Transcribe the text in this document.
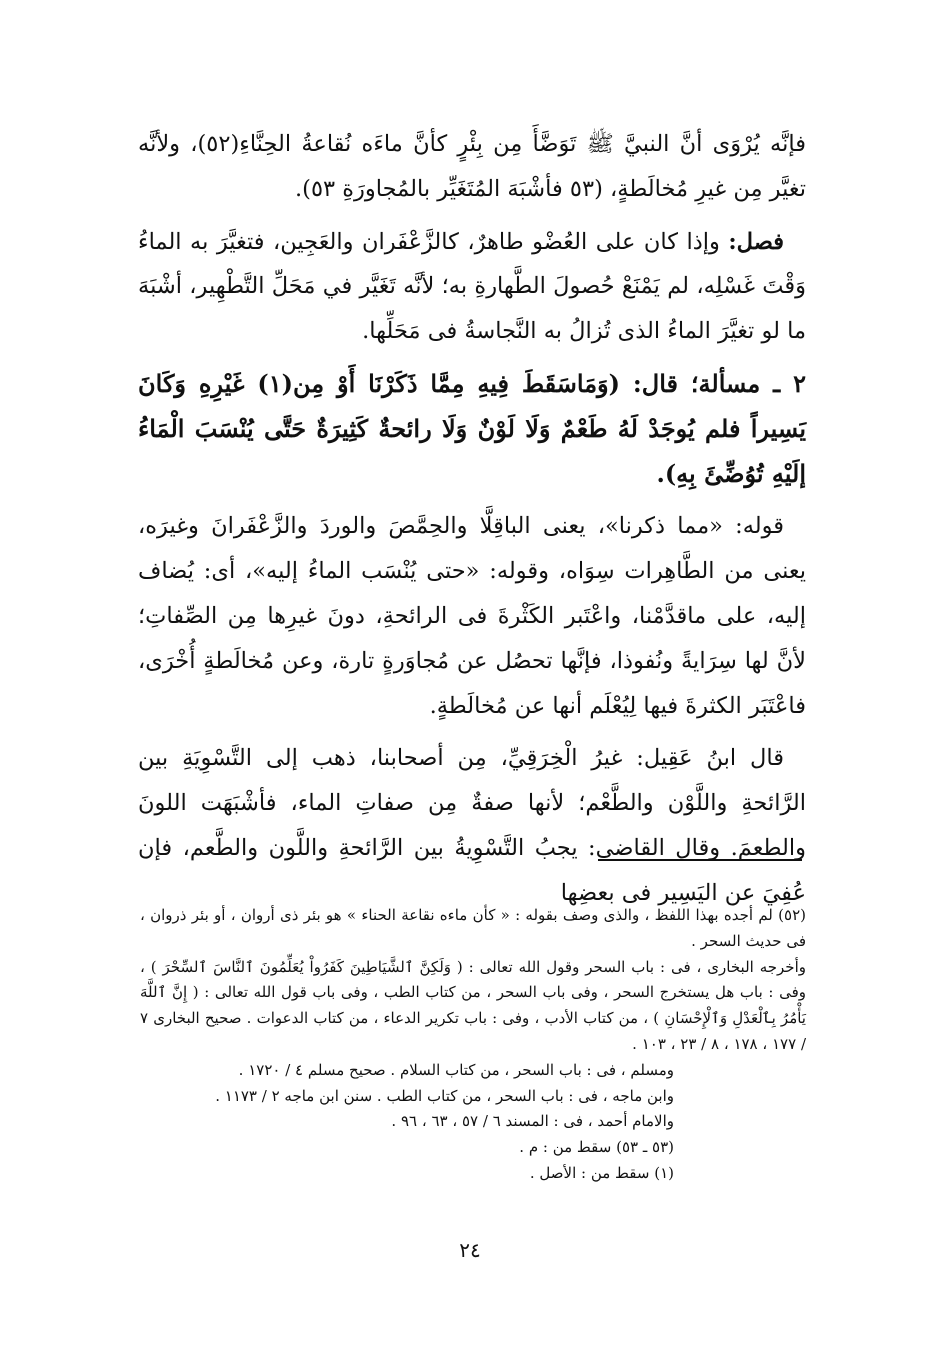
فإنَّه يُرْوَى أنَّ النبيَّ ﷺ تَوَضَّأَ مِن بِئْرٍ كأنَّ ماءَه نُقاعةُ الحِنَّاءِ(٥٢)، ولأنَّه تغيَّر مِن غيرِ مُخالَطةٍ، (٥٣ فأشْبَهَ المُتَغَيِّر بالمُجاورَةِ ٥٣).

فصل: وإذا كان على العُضْو طاهرٌ، كالزَّعْفَران والعَجِين، فتغيَّرَ به الماءُ وَقْتَ غَسْلِه، لم يَمْنَعْ حُصولَ الطَّهارةِ به؛ لأنَّه تَغَيَّر في مَحَلِّ التَّطْهِير، أشْبَهَ ما لو تغيَّرَ الماءُ الذى تُزالُ به النَّجاسةُ فى مَحَلِّها.

٢ ـ مسألة؛ قال: (وَمَاسَقَطَ فِيهِ مِمَّا ذَكَرْنَا أَوْ مِن(١) غَيْرِهِ وَكَانَ يَسِيراً فلم يُوجَدْ لَهُ طَعْمٌ وَلَا لَوْنٌ وَلَا رائحةٌ كَثِيرَةٌ حَتَّى يُنْسَبَ الْمَاءُ إلَيْهِ تُوُضِّئَ بِهِ).

قوله: «مما ذكرنا»، يعنى الباقِلَّا والحِمَّصَ والوردَ والزَّعْفَرانَ وغيرَه، يعنى من الطَّاهِرات سِوَاه، وقوله: «حتى يُنْسَب الماءُ إليه»، أى: يُضاف إليه، على ماقدَّمْنا، واعْتَبر الكَثْرةَ فى الرائحةِ، دونَ غيرِها مِن الصِّفاتِ؛ لأنَّ لها سِرَايةً ونُفوذا، فإنَّها تحصُل عن مُجاوَرةٍ تارة، وعن مُخالَطةٍ أُخْرَى، فاعْتَبَر الكثرةَ فيها لِيُعْلَم أنها عن مُخالَطةٍ.

قال ابنُ عَقِيل: غيرُ الْخِرَقِيِّ، مِن أصحابنا، ذهب إلى التَّسْوِيَةِ بين الرَّائحةِ واللَّوْن والطَّعْم؛ لأنها صفةٌ مِن صفاتِ الماء، فأشْبَهَت اللونَ والطعمَ. وقال القاضى: يجبُ التَّسْوِيةُ بين الرَّائحةِ واللَّون والطَّعم، فإن عُفِيَ عن اليَسِير فى بعضِها

(٥٢) لم أجده بهذا اللفظ ، والذى وصف بقوله : « كأن ماءه نقاعة الحناء » هو بئر ذى أروان ، أو بئر ذروان ، فى حديث السحر .

وأخرجه البخارى ، فى : باب السحر وقول الله تعالى : ( وَلَكِنَّ ٱلشَّيَاطِينَ كَفَرُواْ يُعَلِّمُونَ ٱلنَّاسَ ٱلسِّحْرَ ) ، وفى : باب هل يستخرج السحر ، وفى باب السحر ، من كتاب الطب ، وفى باب قول الله تعالى : ( إِنَّ ٱللَّهَ يَأْمُرُ بِٱلْعَدْلِ وَٱلْإِحْسَانِ ) ، من كتاب الأدب ، وفى : باب تكرير الدعاء ، من كتاب الدعوات . صحيح البخارى ٧ / ١٧٧ ، ١٧٨ ، ٨ / ٢٣ ، ١٠٣ .

ومسلم ، فى : باب السحر ، من كتاب السلام . صحيح مسلم ٤ / ١٧٢٠ .

وابن ماجه ، فى : باب السحر ، من كتاب الطب . سنن ابن ماجه ٢ / ١١٧٣ .

والامام أحمد ، فى : المسند ٦ / ٥٧ ، ٦٣ ، ٩٦ .

(٥٣ ـ ٥٣) سقط من : م .

(١) سقط من : الأصل .

٢٤
